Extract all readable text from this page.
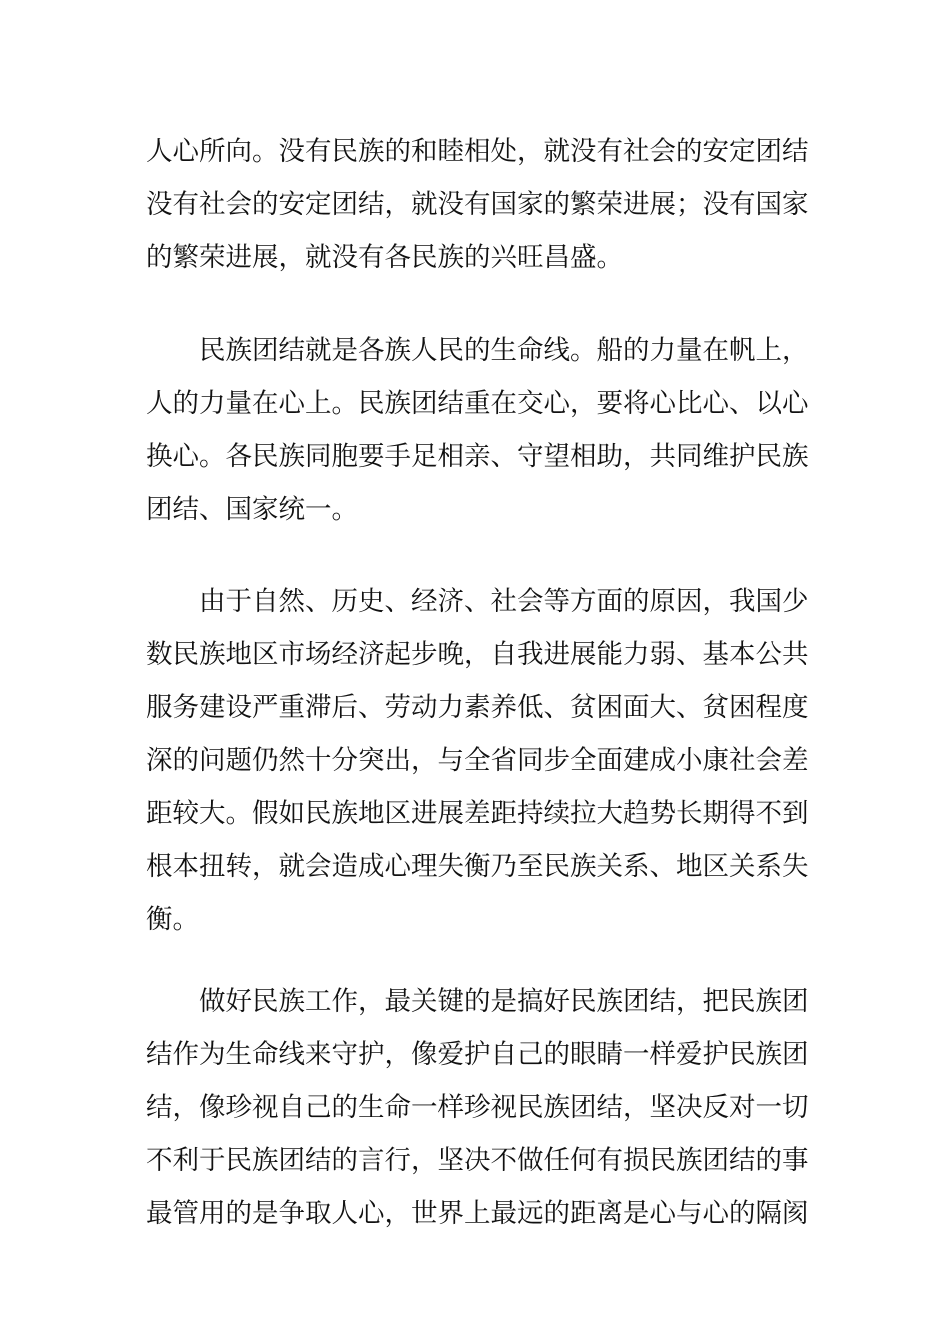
人心所向。没有民族的和睦相处，就没有社会的安定团结
没有社会的安定团结，就没有国家的繁荣进展；没有国家
的繁荣进展，就没有各民族的兴旺昌盛。
民族团结就是各族人民的生命线。船的力量在帆上，
人的力量在心上。民族团结重在交心，要将心比心、以心
换心。各民族同胞要手足相亲、守望相助，共同维护民族
团结、国家统一。
由于自然、历史、经济、社会等方面的原因，我国少
数民族地区市场经济起步晚，自我进展能力弱、基本公共
服务建设严重滞后、劳动力素养低、贫困面大、贫困程度
深的问题仍然十分突出，与全省同步全面建成小康社会差
距较大。假如民族地区进展差距持续拉大趋势长期得不到
根本扭转，就会造成心理失衡乃至民族关系、地区关系失
衡。
做好民族工作，最关键的是搞好民族团结，把民族团
结作为生命线来守护，像爱护自己的眼睛一样爱护民族团
结，像珍视自己的生命一样珍视民族团结，坚决反对一切
不利于民族团结的言行，坚决不做任何有损民族团结的事
最管用的是争取人心，世界上最远的距离是心与心的隔阂
